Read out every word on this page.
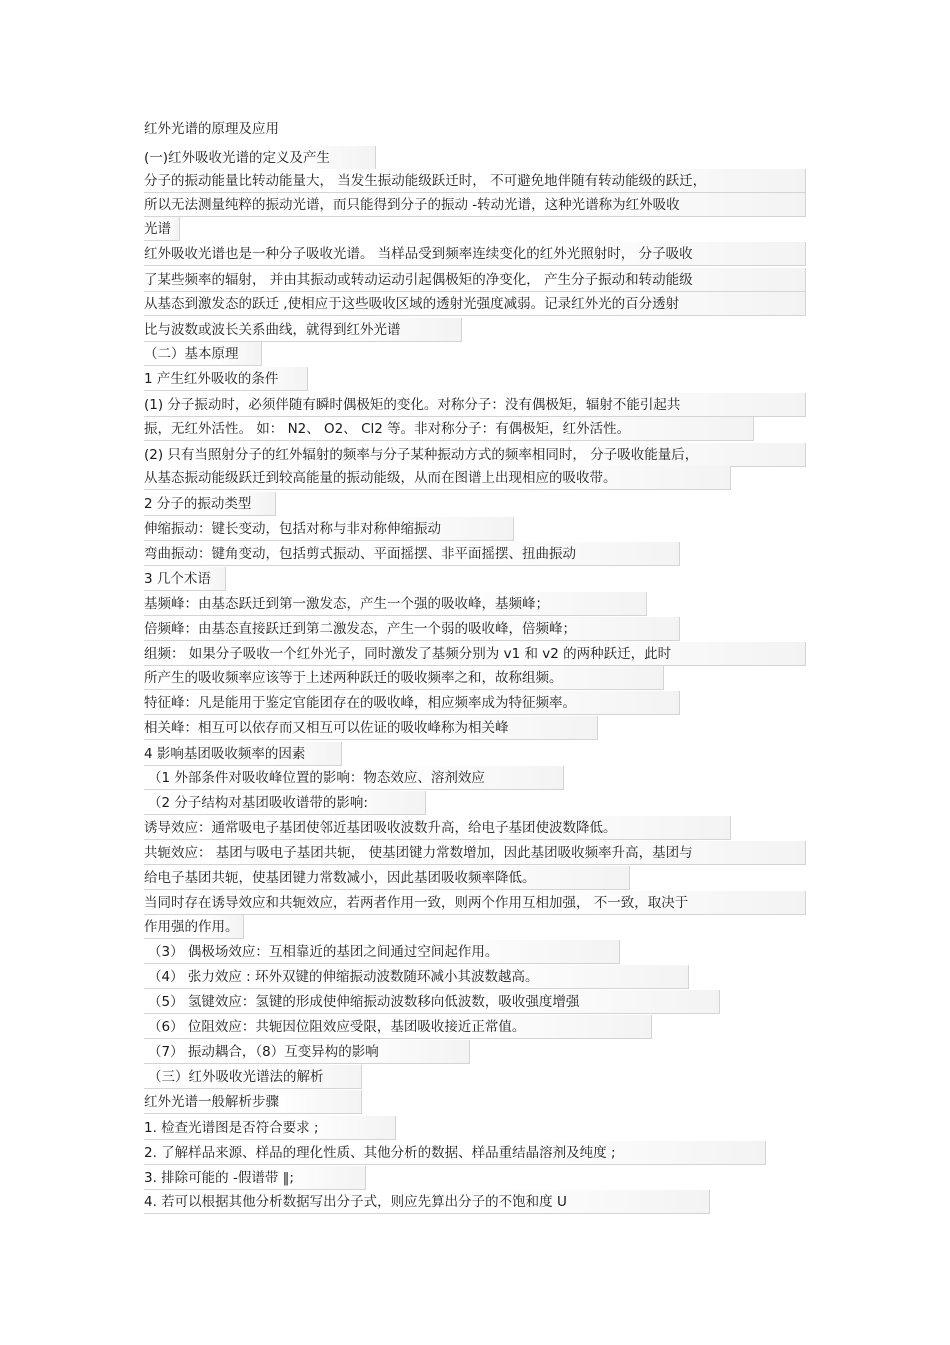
红外光谱的原理及应用
(一)红外吸收光谱的定义及产生
分子的振动能量比转动能量大， 当发生振动能级跃迁时， 不可避免地伴随有转动能级的跃迁，
所以无法测量纯粹的振动光谱，而只能得到分子的振动 -转动光谱，这种光谱称为红外吸收
光谱
红外吸收光谱也是一种分子吸收光谱。 当样品受到频率连续变化的红外光照射时， 分子吸收
了某些频率的辐射， 并由其振动或转动运动引起偶极矩的净变化， 产生分子振动和转动能级
从基态到激发态的跃迁 ,使相应于这些吸收区域的透射光强度减弱。记录红外光的百分透射
比与波数或波长关系曲线，就得到红外光谱
（二）基本原理
1 产生红外吸收的条件
(1) 分子振动时，必须伴随有瞬时偶极矩的变化。对称分子：没有偶极矩，辐射不能引起共
振，无红外活性。 如： N2、 O2、 Cl2 等。非对称分子：有偶极矩，红外活性。
(2) 只有当照射分子的红外辐射的频率与分子某种振动方式的频率相同时， 分子吸收能量后，
从基态振动能级跃迁到较高能量的振动能级，从而在图谱上出现相应的吸收带。
2 分子的振动类型
伸缩振动：键长变动，包括对称与非对称伸缩振动
弯曲振动：键角变动，包括剪式振动、平面摇摆、非平面摇摆、扭曲振动
3 几个术语
基频峰：由基态跃迁到第一激发态，产生一个强的吸收峰，基频峰；
倍频峰：由基态直接跃迁到第二激发态，产生一个弱的吸收峰，倍频峰；
组频： 如果分子吸收一个红外光子，同时激发了基频分别为 v1 和 v2 的两种跃迁，此时
所产生的吸收频率应该等于上述两种跃迁的吸收频率之和，故称组频。
特征峰：凡是能用于鉴定官能团存在的吸收峰，相应频率成为特征频率。
相关峰：相互可以依存而又相互可以佐证的吸收峰称为相关峰
4 影响基团吸收频率的因素
（1 外部条件对吸收峰位置的影响：物态效应、溶剂效应
（2 分子结构对基团吸收谱带的影响:
诱导效应：通常吸电子基团使邻近基团吸收波数升高，给电子基团使波数降低。
共轭效应： 基团与吸电子基团共轭， 使基团键力常数增加，因此基团吸收频率升高，基团与
给电子基团共轭，使基团键力常数减小，因此基团吸收频率降低。
当同时存在诱导效应和共轭效应，若两者作用一致，则两个作用互相加强， 不一致，取决于
作用强的作用。
（3） 偶极场效应：互相靠近的基团之间通过空间起作用。
（4） 张力效应 : 环外双键的伸缩振动波数随环减小其波数越高。
（5） 氢键效应：氢键的形成使伸缩振动波数移向低波数，吸收强度增强
（6） 位阻效应：共轭因位阻效应受限，基团吸收接近正常值。
（7） 振动耦合，（8）互变异构的影响
（三）红外吸收光谱法的解析
红外光谱一般解析步骤
1. 检查光谱图是否符合要求 ;
2. 了解样品来源、样品的理化性质、其他分析的数据、样品重结晶溶剂及纯度 ;
3. 排除可能的 -假谱带 ‖;
4. 若可以根据其他分析数据写出分子式，则应先算出分子的不饱和度 U
